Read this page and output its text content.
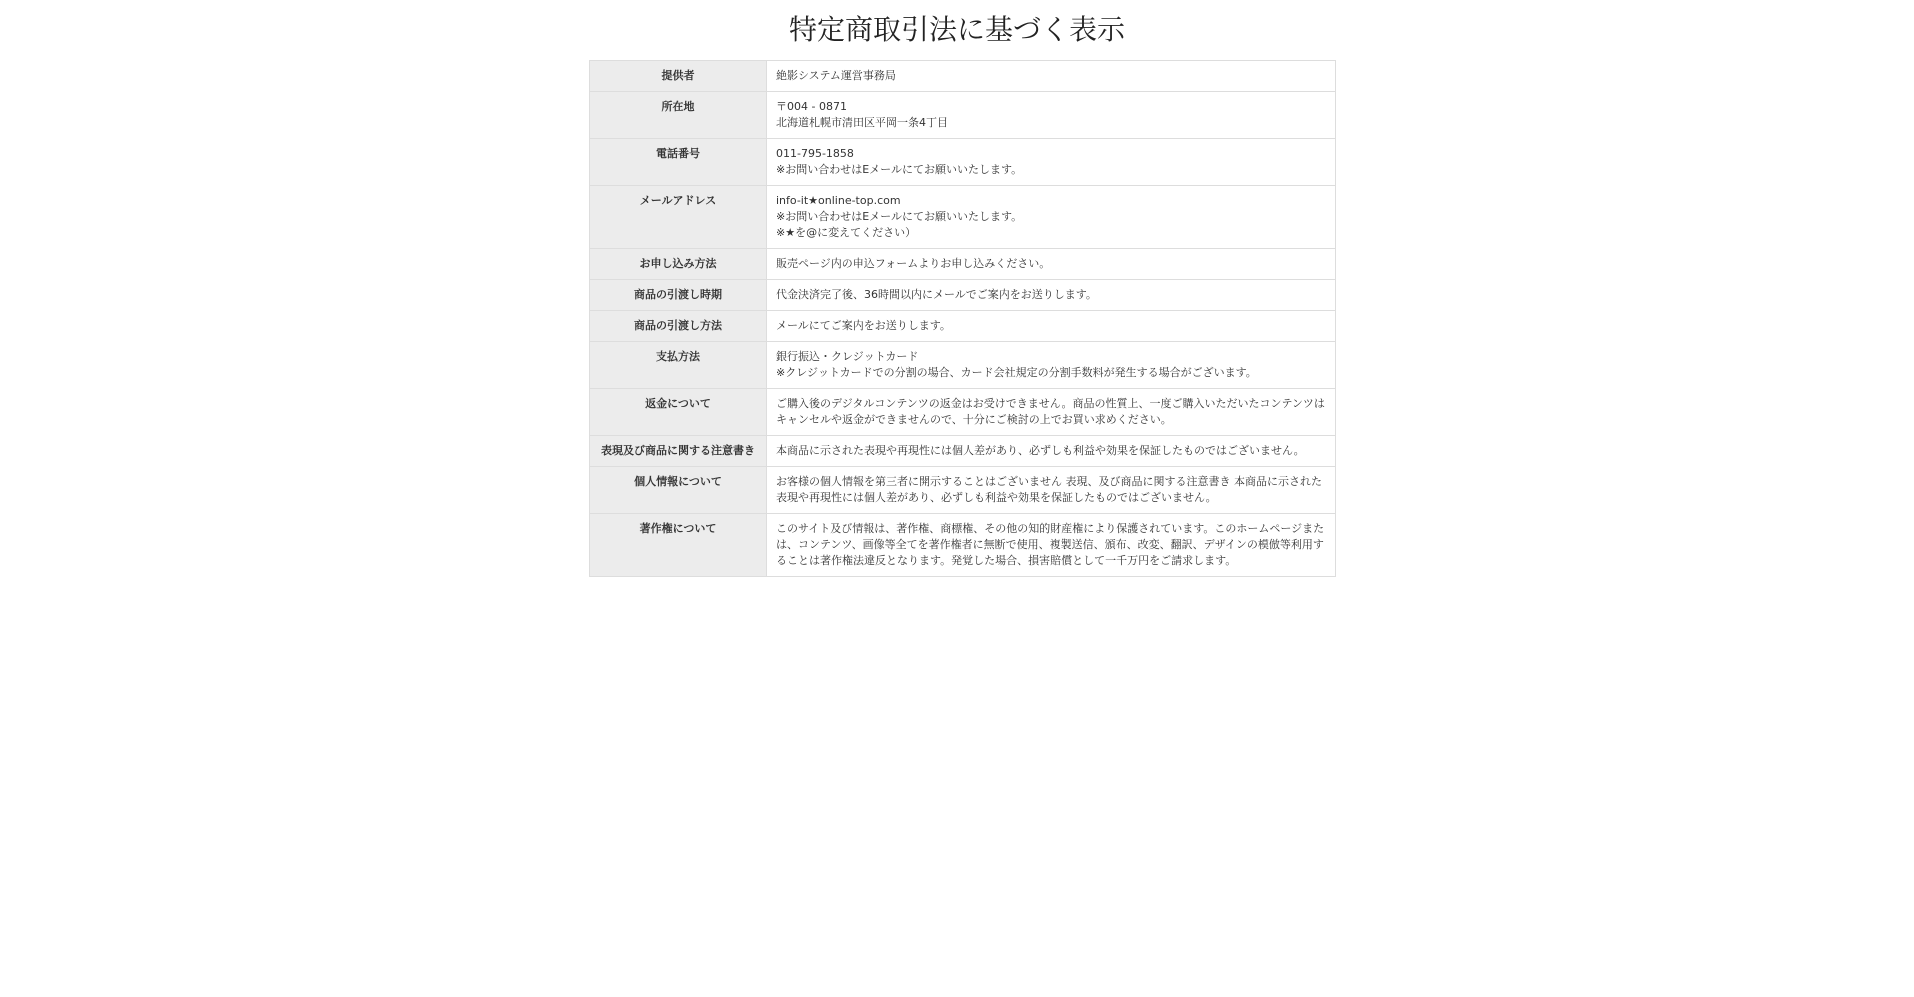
特定商取引法に基づく表示
提供者	絶影システム運営事務局

所在地	〒004 - 0871
北海道札幌市清田区平岡一条4丁目

電話番号	011-795-1858
※お問い合わせはEメールにてお願いいたします。

メールアドレス	info-it★online-top.com
※お問い合わせはEメールにてお願いいたします。
※★を@に変えてください）

お申し込み方法	販売ページ内の申込フォームよりお申し込みください。

商品の引渡し時期	代金決済完了後、36時間以内にメールでご案内をお送りします。

商品の引渡し方法	メールにてご案内をお送りします。

支払方法	銀行振込・クレジットカード
※クレジットカードでの分割の場合、カード会社規定の分割手数料が発生する場合がございます。

返金について	ご購入後のデジタルコンテンツの返金はお受けできません。商品の性質上、一度ご購入いただいたコンテンツはキャンセルや返金ができませんので、十分にご検討の上でお買い求めください。

表現及び商品に関する注意書き	本商品に示された表現や再現性には個人差があり、必ずしも利益や効果を保証したものではございません。

個人情報について	お客様の個人情報を第三者に開示することはございません 表現、及び商品に関する注意書き 本商品に示された表現や再現性には個人差があり、必ずしも利益や効果を保証したものではございません。

著作権について	このサイト及び情報は、著作権、商標権、その他の知的財産権により保護されています。このホームページまたは、コンテンツ、画像等全てを著作権者に無断で使用、複製送信、頒布、改変、翻訳、デザインの模倣等利用することは著作権法違反となります。発覚した場合、損害賠償として一千万円をご請求します。
